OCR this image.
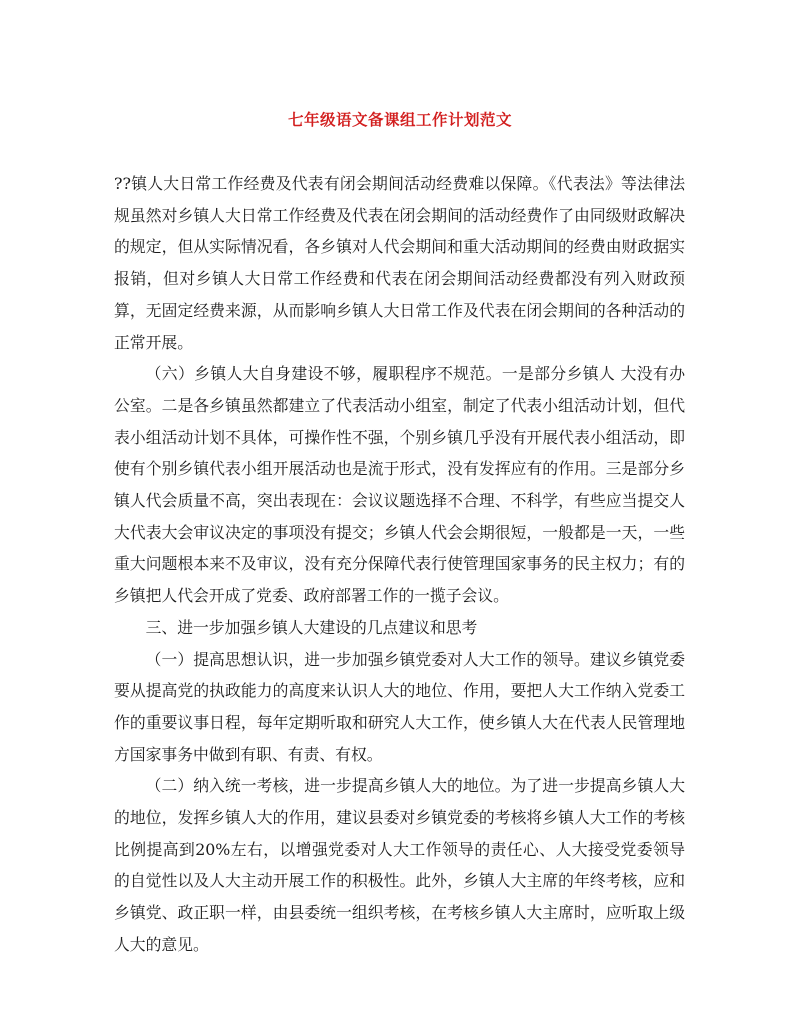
七年级语文备课组工作计划范文

??镇人大日常工作经费及代表有闭会期间活动经费难以保障。《代表法》等法律法规虽然对乡镇人大日常工作经费及代表在闭会期间的活动经费作了由同级财政解决的规定，但从实际情况看，各乡镇对人代会期间和重大活动期间的经费由财政据实报销，但对乡镇人大日常工作经费和代表在闭会期间活动经费都没有列入财政预算，无固定经费来源，从而影响乡镇人大日常工作及代表在闭会期间的各种活动的正常开展。

（六）乡镇人大自身建设不够，履职程序不规范。一是部分乡镇人 大没有办公室。二是各乡镇虽然都建立了代表活动小组室，制定了代表小组活动计划，但代表小组活动计划不具体，可操作性不强，个别乡镇几乎没有开展代表小组活动，即使有个别乡镇代表小组开展活动也是流于形式，没有发挥应有的作用。三是部分乡镇人代会质量不高，突出表现在：会议议题选择不合理、不科学，有些应当提交人大代表大会审议决定的事项没有提交；乡镇人代会会期很短，一般都是一天，一些重大问题根本来不及审议，没有充分保障代表行使管理国家事务的民主权力；有的乡镇把人代会开成了党委、政府部署工作的一揽子会议。

三、进一步加强乡镇人大建设的几点建议和思考

（一）提高思想认识，进一步加强乡镇党委对人大工作的领导。建议乡镇党委要从提高党的执政能力的高度来认识人大的地位、作用，要把人大工作纳入党委工作的重要议事日程，每年定期听取和研究人大工作，使乡镇人大在代表人民管理地方国家事务中做到有职、有责、有权。

（二）纳入统一考核，进一步提高乡镇人大的地位。为了进一步提高乡镇人大的地位，发挥乡镇人大的作用，建议县委对乡镇党委的考核将乡镇人大工作的考核比例提高到20%左右，以增强党委对人大工作领导的责任心、人大接受党委领导的自觉性以及人大主动开展工作的积极性。此外，乡镇人大主席的年终考核，应和乡镇党、政正职一样，由县委统一组织考核，在考核乡镇人大主席时，应听取上级人大的意见。
